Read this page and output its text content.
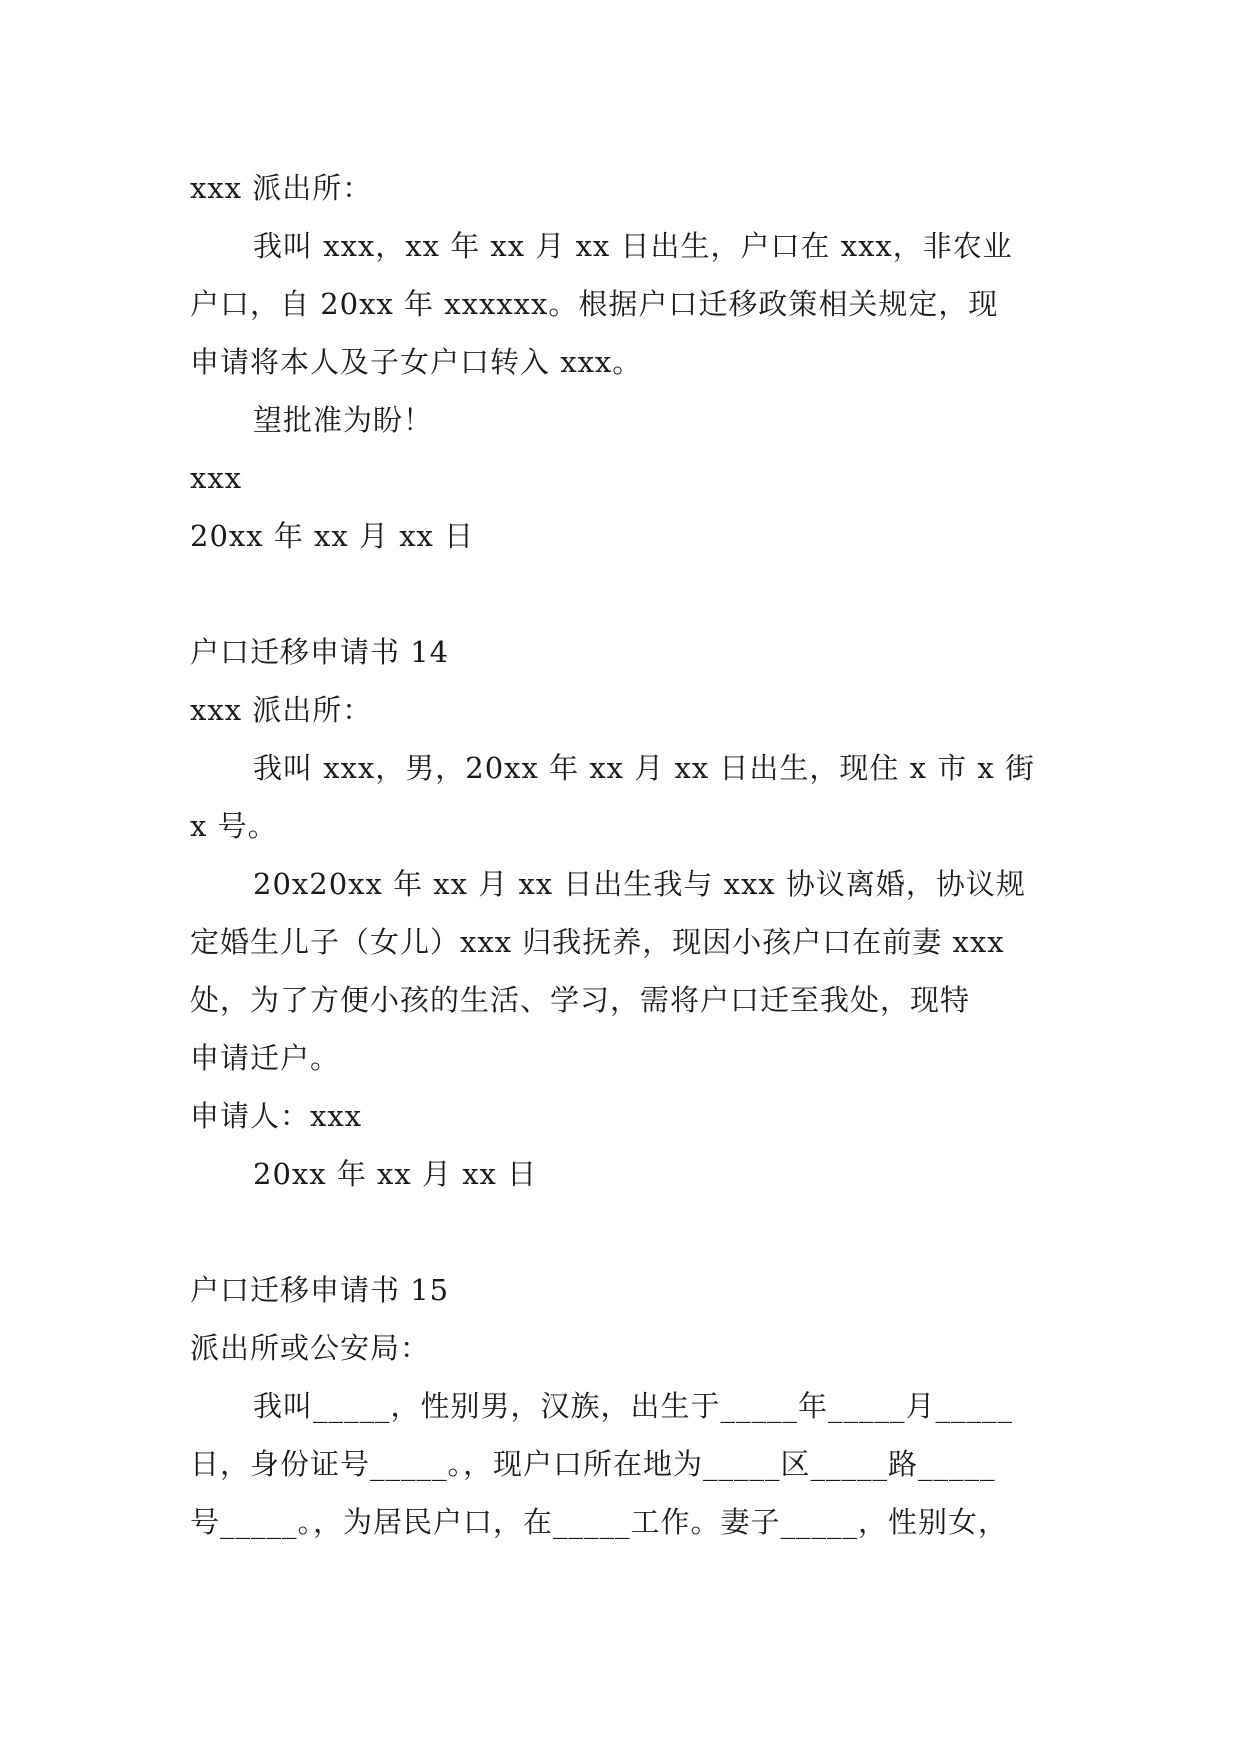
xxx 派出所：
我叫 xxx，xx 年 xx 月 xx 日出生，户口在 xxx，非农业
户口，自 20xx 年 xxxxxx。根据户口迁移政策相关规定，现
申请将本人及子女户口转入 xxx。
望批准为盼！
xxx
20xx 年 xx 月 xx 日
户口迁移申请书 14
xxx 派出所：
我叫 xxx，男，20xx 年 xx 月 xx 日出生，现住 x 市 x 街
x 号。
20x20xx 年 xx 月 xx 日出生我与 xxx 协议离婚，协议规
定婚生儿子（女儿）xxx 归我抚养，现因小孩户口在前妻 xxx
处，为了方便小孩的生活、学习，需将户口迁至我处，现特
申请迁户。
申请人：xxx
20xx 年 xx 月 xx 日
户口迁移申请书 15
派出所或公安局：
我叫_____，性别男，汉族，出生于_____年_____月_____
日，身份证号_____。，现户口所在地为_____区_____路_____
号_____。，为居民户口，在_____工作。妻子_____，性别女，
